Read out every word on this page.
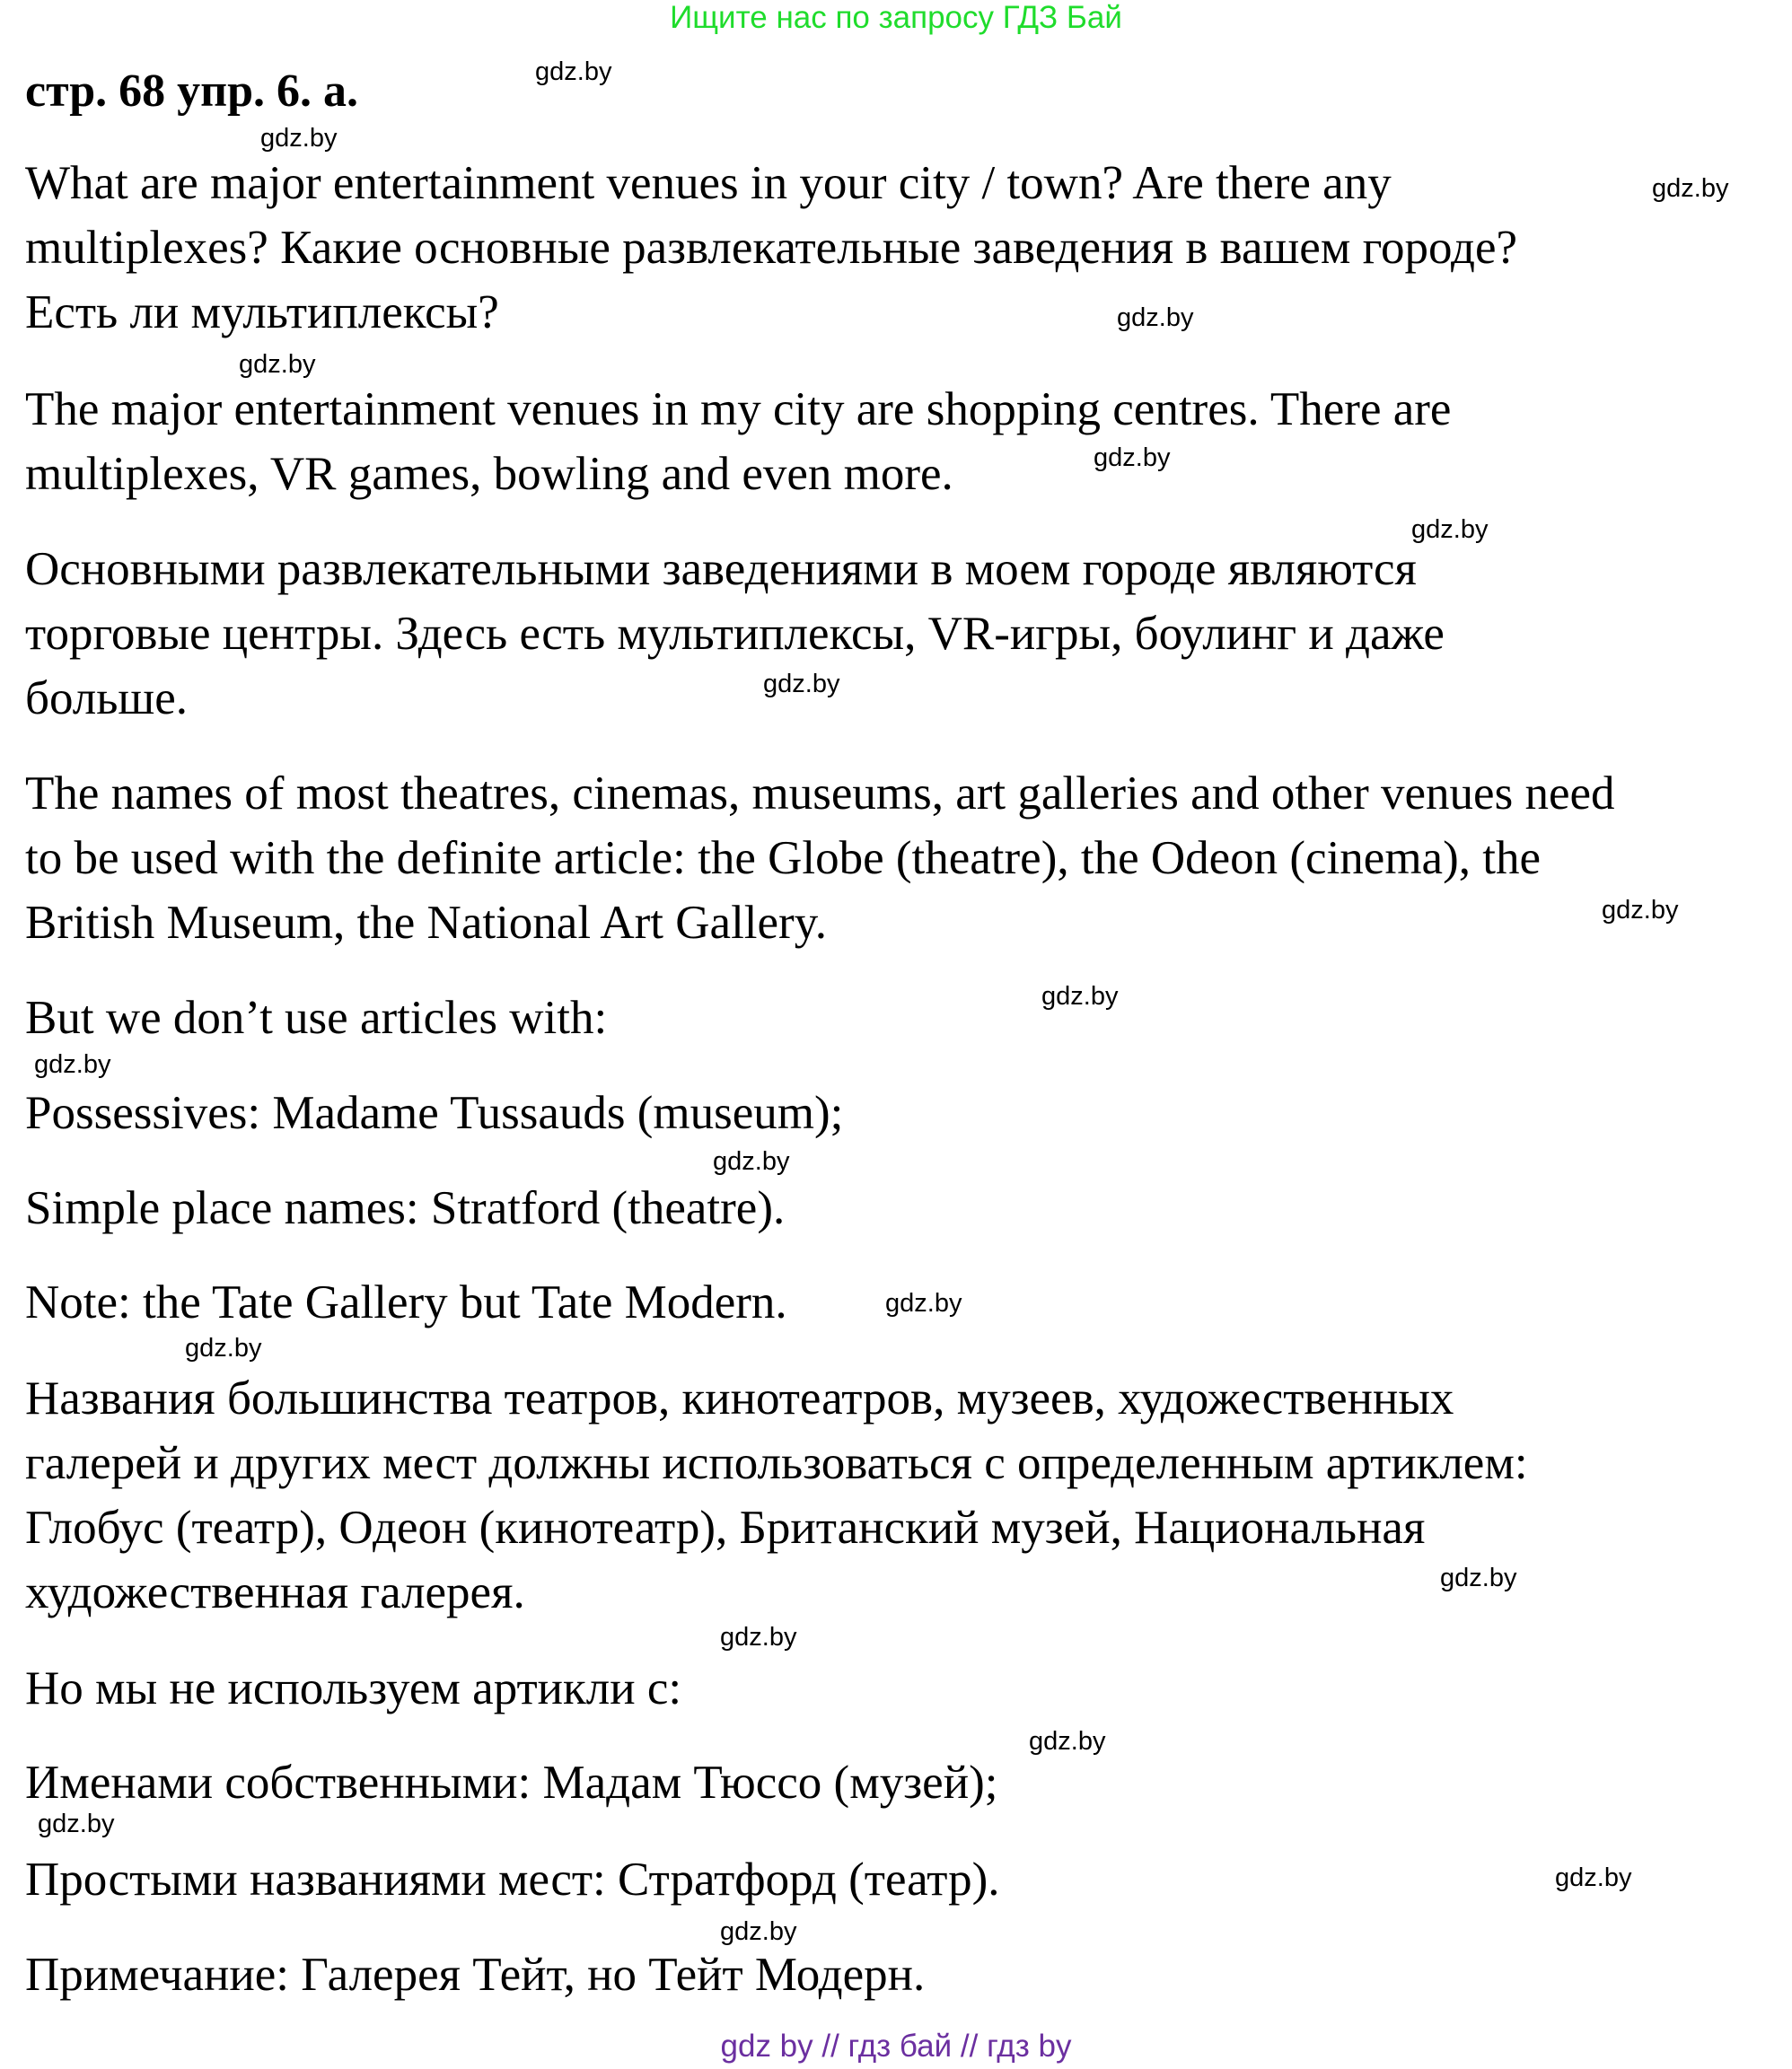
Ищите нас по запросу ГДЗ Бай
стр. 68 упр. 6. а.

What are major entertainment venues in your city / town? Are there any
multiplexes? Какие основные развлекательные заведения в вашем городе?
Есть ли мультиплексы?

The major entertainment venues in my city are shopping centres. There are
multiplexes, VR games, bowling and even more.

Основными развлекательными заведениями в моем городе являются
торговые центры. Здесь есть мультиплексы, VR-игры, боулинг и даже
больше.

The names of most theatres, cinemas, museums, art galleries and other venues need
to be used with the definite article: the Globe (theatre), the Odeon (cinema), the
British Museum, the National Art Gallery.

But we don’t use articles with:

Possessives: Madame Tussauds (museum);

Simple place names: Stratford (theatre).

Note: the Tate Gallery but Tate Modern.

Названия большинства театров, кинотеатров, музеев, художественных
галерей и других мест должны использоваться с определенным артиклем:
Глобус (театр), Одеон (кинотеатр), Британский музей, Национальная
художественная галерея.

Но мы не используем артикли с:

Именами собственными: Мадам Тюссо (музей);

Простыми названиями мест: Стратфорд (театр).

Примечание: Галерея Тейт, но Тейт Модерн.

gdz.by
gdz.by
gdz.by
gdz.by
gdz.by
gdz.by
gdz.by
gdz.by
gdz.by
gdz.by
gdz.by
gdz.by
gdz.by
gdz.by
gdz.by
gdz.by
gdz.by
gdz.by
gdz.by
gdz.by
gdz by // гдз бай // гдз by
